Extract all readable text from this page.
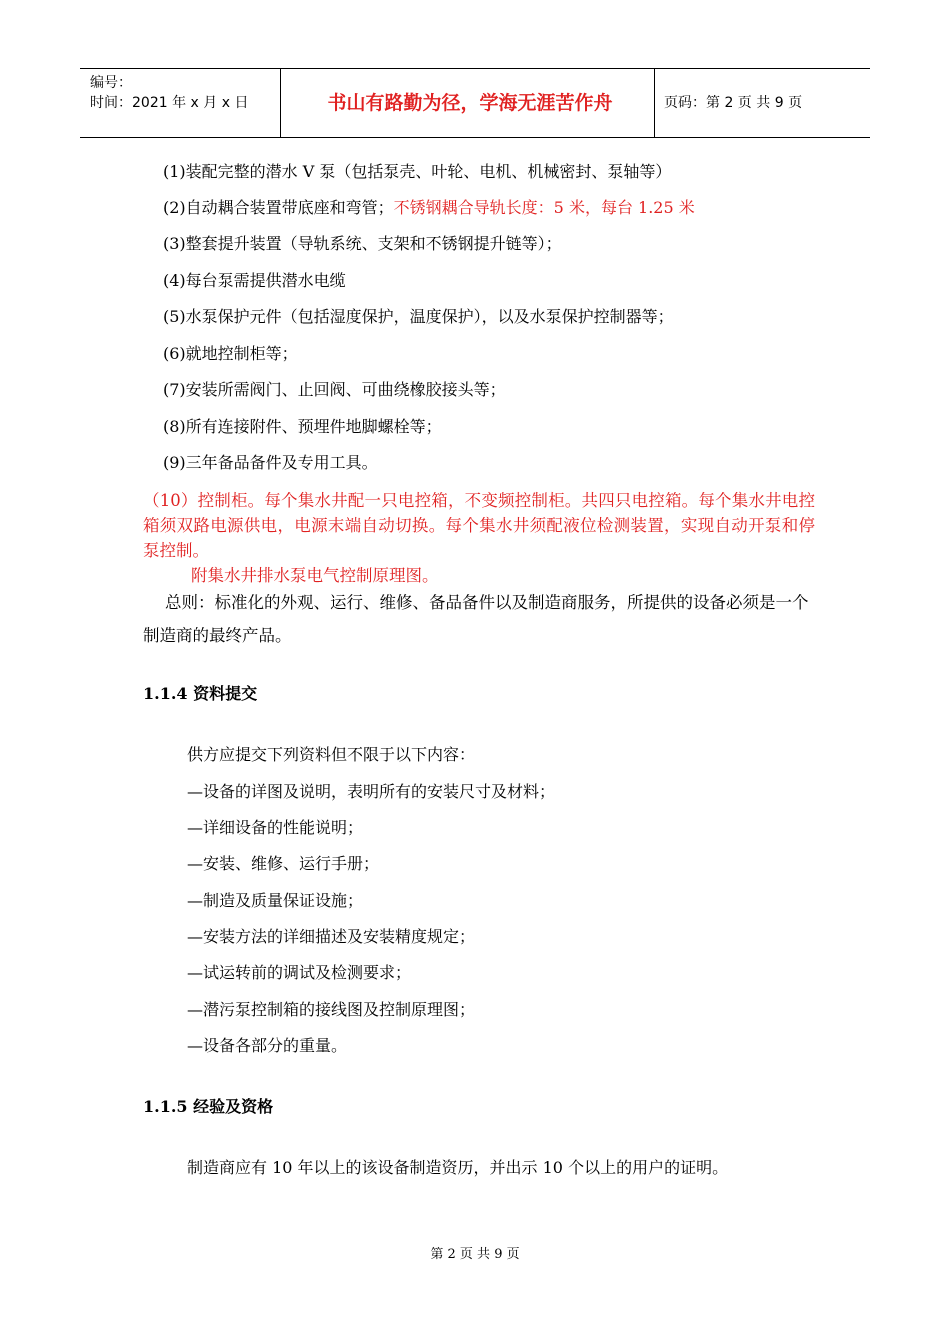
编号：
时间：2021 年 x 月 x 日	书山有路勤为径，学海无涯苦作舟	页码：第 2 页 共 9 页
(1)装配完整的潜水 V 泵（包括泵壳、叶轮、电机、机械密封、泵轴等）
(2)自动耦合装置带底座和弯管；不锈钢耦合导轨长度：5 米，每台 1.25 米
(3)整套提升装置（导轨系统、支架和不锈钢提升链等）；
(4)每台泵需提供潜水电缆
(5)水泵保护元件（包括湿度保护，温度保护），以及水泵保护控制器等；
(6)就地控制柜等；
(7)安装所需阀门、止回阀、可曲绕橡胶接头等；
(8)所有连接附件、预埋件地脚螺栓等；
(9)三年备品备件及专用工具。
（10）控制柜。每个集水井配一只电控箱，不变频控制柜。共四只电控箱。每个集水井电控箱须双路电源供电，电源末端自动切换。每个集水井须配液位检测装置，实现自动开泵和停泵控制。
附集水井排水泵电气控制原理图。
总则：标准化的外观、运行、维修、备品备件以及制造商服务，所提供的设备必须是一个制造商的最终产品。
1.1.4 资料提交
供方应提交下列资料但不限于以下内容：
—设备的详图及说明，表明所有的安装尺寸及材料；
—详细设备的性能说明；
—安装、维修、运行手册；
—制造及质量保证设施；
—安装方法的详细描述及安装精度规定；
—试运转前的调试及检测要求；
—潜污泵控制箱的接线图及控制原理图；
—设备各部分的重量。
1.1.5 经验及资格
制造商应有 10 年以上的该设备制造资历，并出示 10 个以上的用户的证明。
第 2 页 共 9 页
